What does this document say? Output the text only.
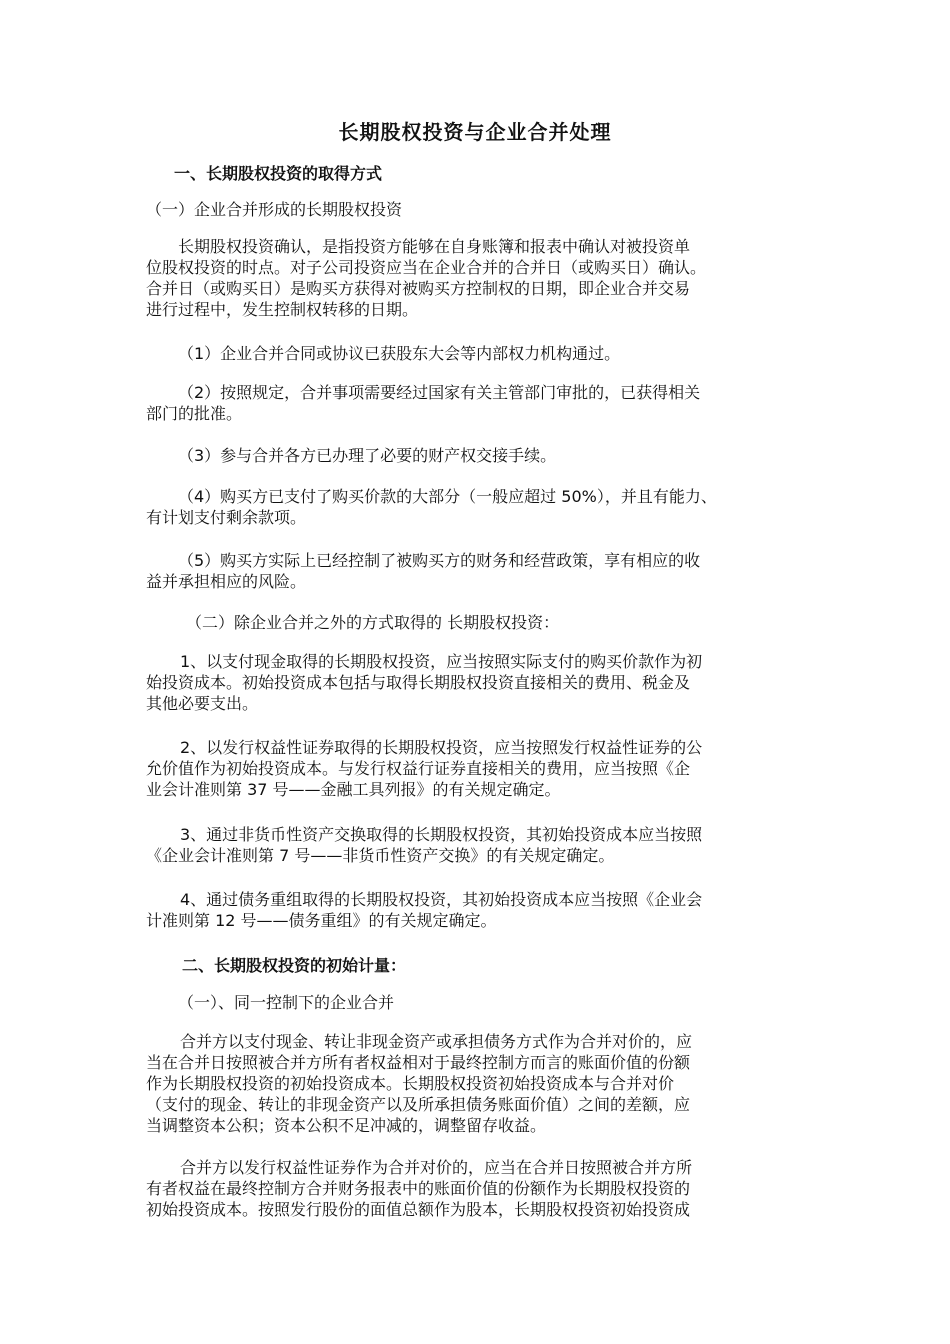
长期股权投资与企业合并处理
一、长期股权投资的取得方式
（一）企业合并形成的长期股权投资
长期股权投资确认，是指投资方能够在自身账簿和报表中确认对被投资单
位股权投资的时点。对子公司投资应当在企业合并的合并日（或购买日）确认。
合并日（或购买日）是购买方获得对被购买方控制权的日期，即企业合并交易
进行过程中，发生控制权转移的日期。
（1）企业合并合同或协议已获股东大会等内部权力机构通过。
（2）按照规定，合并事项需要经过国家有关主管部门审批的，已获得相关
部门的批准。
（3）参与合并各方已办理了必要的财产权交接手续。
（4）购买方已支付了购买价款的大部分（一般应超过 50%），并且有能力、
有计划支付剩余款项。
（5）购买方实际上已经控制了被购买方的财务和经营政策，享有相应的收
益并承担相应的风险。
（二）除企业合并之外的方式取得的 长期股权投资：
1、以支付现金取得的长期股权投资，应当按照实际支付的购买价款作为初
始投资成本。初始投资成本包括与取得长期股权投资直接相关的费用、税金及
其他必要支出。
2、以发行权益性证券取得的长期股权投资，应当按照发行权益性证券的公
允价值作为初始投资成本。与发行权益行证券直接相关的费用，应当按照《企
业会计准则第 37 号——金融工具列报》的有关规定确定。
3、通过非货币性资产交换取得的长期股权投资，其初始投资成本应当按照
《企业会计准则第 7 号——非货币性资产交换》的有关规定确定。
4、通过债务重组取得的长期股权投资，其初始投资成本应当按照《企业会
计准则第 12 号——债务重组》的有关规定确定。
二、长期股权投资的初始计量：
（一）、同一控制下的企业合并
合并方以支付现金、转让非现金资产或承担债务方式作为合并对价的，应
当在合并日按照被合并方所有者权益相对于最终控制方而言的账面价值的份额
作为长期股权投资的初始投资成本。长期股权投资初始投资成本与合并对价
（支付的现金、转让的非现金资产以及所承担债务账面价值）之间的差额，应
当调整资本公积；资本公积不足冲减的，调整留存收益。
合并方以发行权益性证券作为合并对价的，应当在合并日按照被合并方所
有者权益在最终控制方合并财务报表中的账面价值的份额作为长期股权投资的
初始投资成本。按照发行股份的面值总额作为股本，长期股权投资初始投资成
